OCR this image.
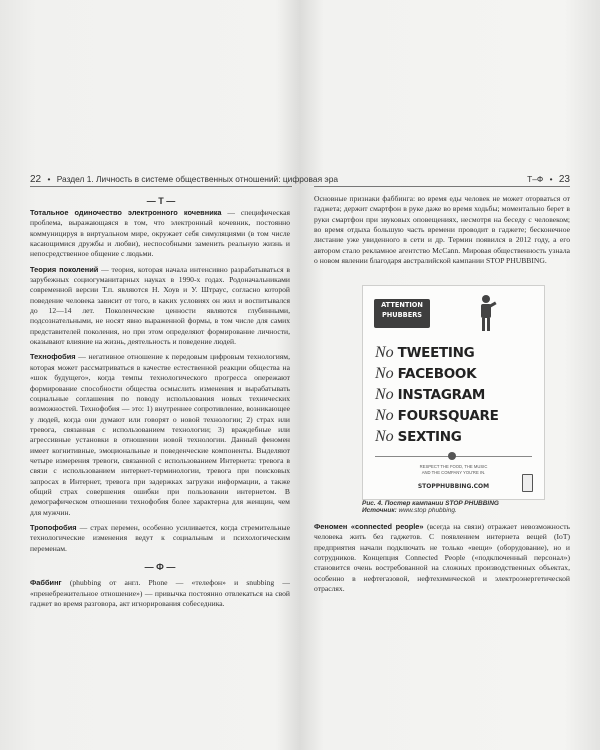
22 • Раздел 1. Личность в системе общественных отношений: цифровая эра
— Т —

Тотальное одиночество электронного кочевника — специфическая проблема, выражающаяся в том, что электронный кочевник, постоянно коммуницируя в виртуальном мире, окружает себя симуляциями (в том числе касающимися дружбы и любви), неспособными заменить реальную жизнь и непосредственное общение с людьми.

Теория поколений — теория, которая начала интенсивно разрабатываться в зарубежных социогуманитарных науках в 1990-х годах. Родоначальниками современной версии Т.п. являются Н. Хоув и У. Штраус, согласно которой поведение человека зависит от того, в каких условиях он жил и воспитывался до 12—14 лет. Поколенческие ценности являются глубинными, подсознательными, не носят явно выраженной формы, в том числе для самих представителей поколения, но при этом определяют формирование личности, оказывают влияние на жизнь, деятельность и поведение людей.

Технофобия — негативное отношение к передовым цифровым технологиям, которая может рассматриваться в качестве естественной реакции общества на «шок будущего», когда темпы технологического прогресса опережают формирование способности общества осмыслить изменения и вырабатывать социальные соглашения по поводу использования новых технических возможностей. Технофобия — это: 1) внутреннее сопротивление, возникающее у людей, когда они думают или говорят о новой технологии; 2) страх или тревога, связанная с использованием технологии; 3) враждебные или агрессивные установки в отношении новой технологии. Данный феномен имеет когнитивные, эмоциональные и поведенческие компоненты. Выделяют четыре измерения тревоги, связанной с использованием Интернета: тревога в связи с использованием интернет-терминологии, тревога при поисковых запросах в Интернет, тревога при задержках загрузки информации, а также общий страх совершения ошибки при пользовании интернетом. В демографическом отношении технофобия более характерна для женщин, чем для мужчин.

Тропофобия — страх перемен, особенно усиливается, когда стремительные технологические изменения ведут к социальным и психологическим переменам.

— Ф —

Фаббинг (phubbing от англ. Phone — «телефон» и snubbing — «пренебрежительное отношение») — привычка постоянно отвлекаться на свой гаджет во время разговора, акт игнорирования собеседника.

Т–Ф • 23
Основные признаки фаббинга: во время еды человек не может оторваться от гаджета; держит смартфон в руке даже во время ходьбы; моментально берет в руки смартфон при звуковых оповещениях, несмотря на беседу с человеком; во время отдыха большую часть времени проводит в гаджете; бесконечное листание уже увиденного в сети и др. Термин появился в 2012 году, а его автором стало рекламное агентство McCann. Мировая общественность узнала о новом явлении благодаря австралийской кампании STOP PHUBBING.
ATTENTION
PHUBBERS
No TWEETING
No FACEBOOK
No INSTAGRAM
No FOURSQUARE
No SEXTING
RESPECT THE FOOD, THE MUSIC
AND THE COMPANY YOU'RE IN.
STOPPHUBBING.COM
Рис. 4. Постер кампании STOP PHUBBING
Источник: www.stop phubbing.
Феномен «connected people» (всегда на связи) отражает невозможность человека жить без гаджетов. С появлением интернета вещей (IoT) предприятия начали подключать не только «вещи» (оборудование), но и сотрудников. Концепция Connected People («подключенный персонал») становится очень востребованной на сложных производственных объектах, особенно в нефтегазовой, нефтехимической и электроэнергетической отраслях.
